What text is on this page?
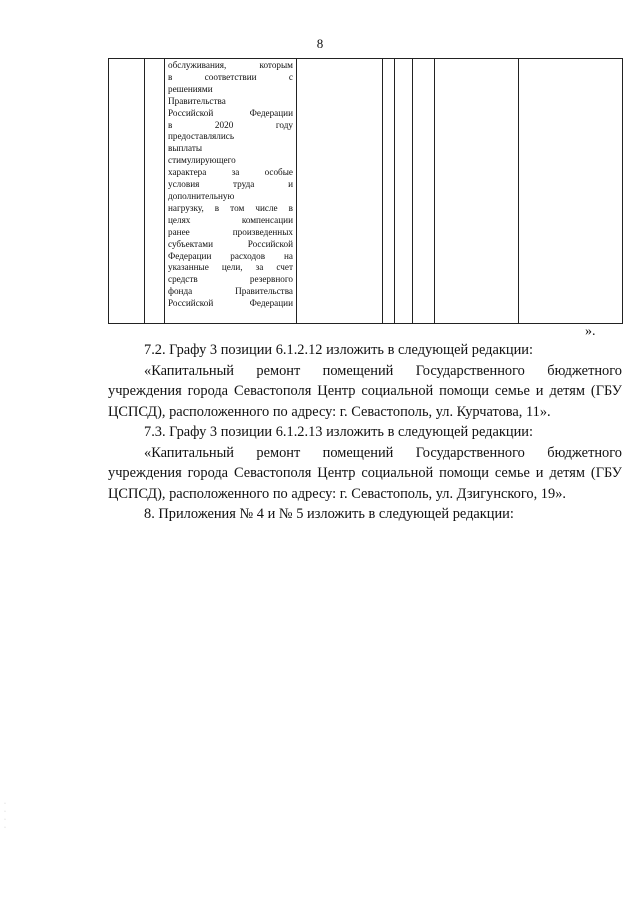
8

обслуживания,	которым
в	соответствии	с
решениями
Правительства
Российской	Федерации
в	2020	году
предоставлялись
выплаты
стимулирующего
характера	за	особые
условия	труда	и
дополнительную
нагрузку, в том числе в
целях	компенсации
ранее	произведенных
субъектами	Российской
Федерации расходов на
указанные цели, за счет
средств	резервного
фонда	Правительства
Российской	Федерации

».

7.2. Графу 3 позиции 6.1.2.12 изложить в следующей редакции:

«Капитальный ремонт помещений Государственного бюджетного учреждения города Севастополя Центр социальной помощи семье и детям (ГБУ ЦСПСД), расположенного по адресу: г. Севастополь, ул. Курчатова, 11».

7.3. Графу 3 позиции 6.1.2.13 изложить в следующей редакции:

«Капитальный ремонт помещений Государственного бюджетного учреждения города Севастополя Центр социальной помощи семье и детям (ГБУ ЦСПСД), расположенного по адресу: г. Севастополь, ул. Дзигунского, 19».

8. Приложения № 4 и № 5 изложить в следующей редакции:

·
·
·
·
